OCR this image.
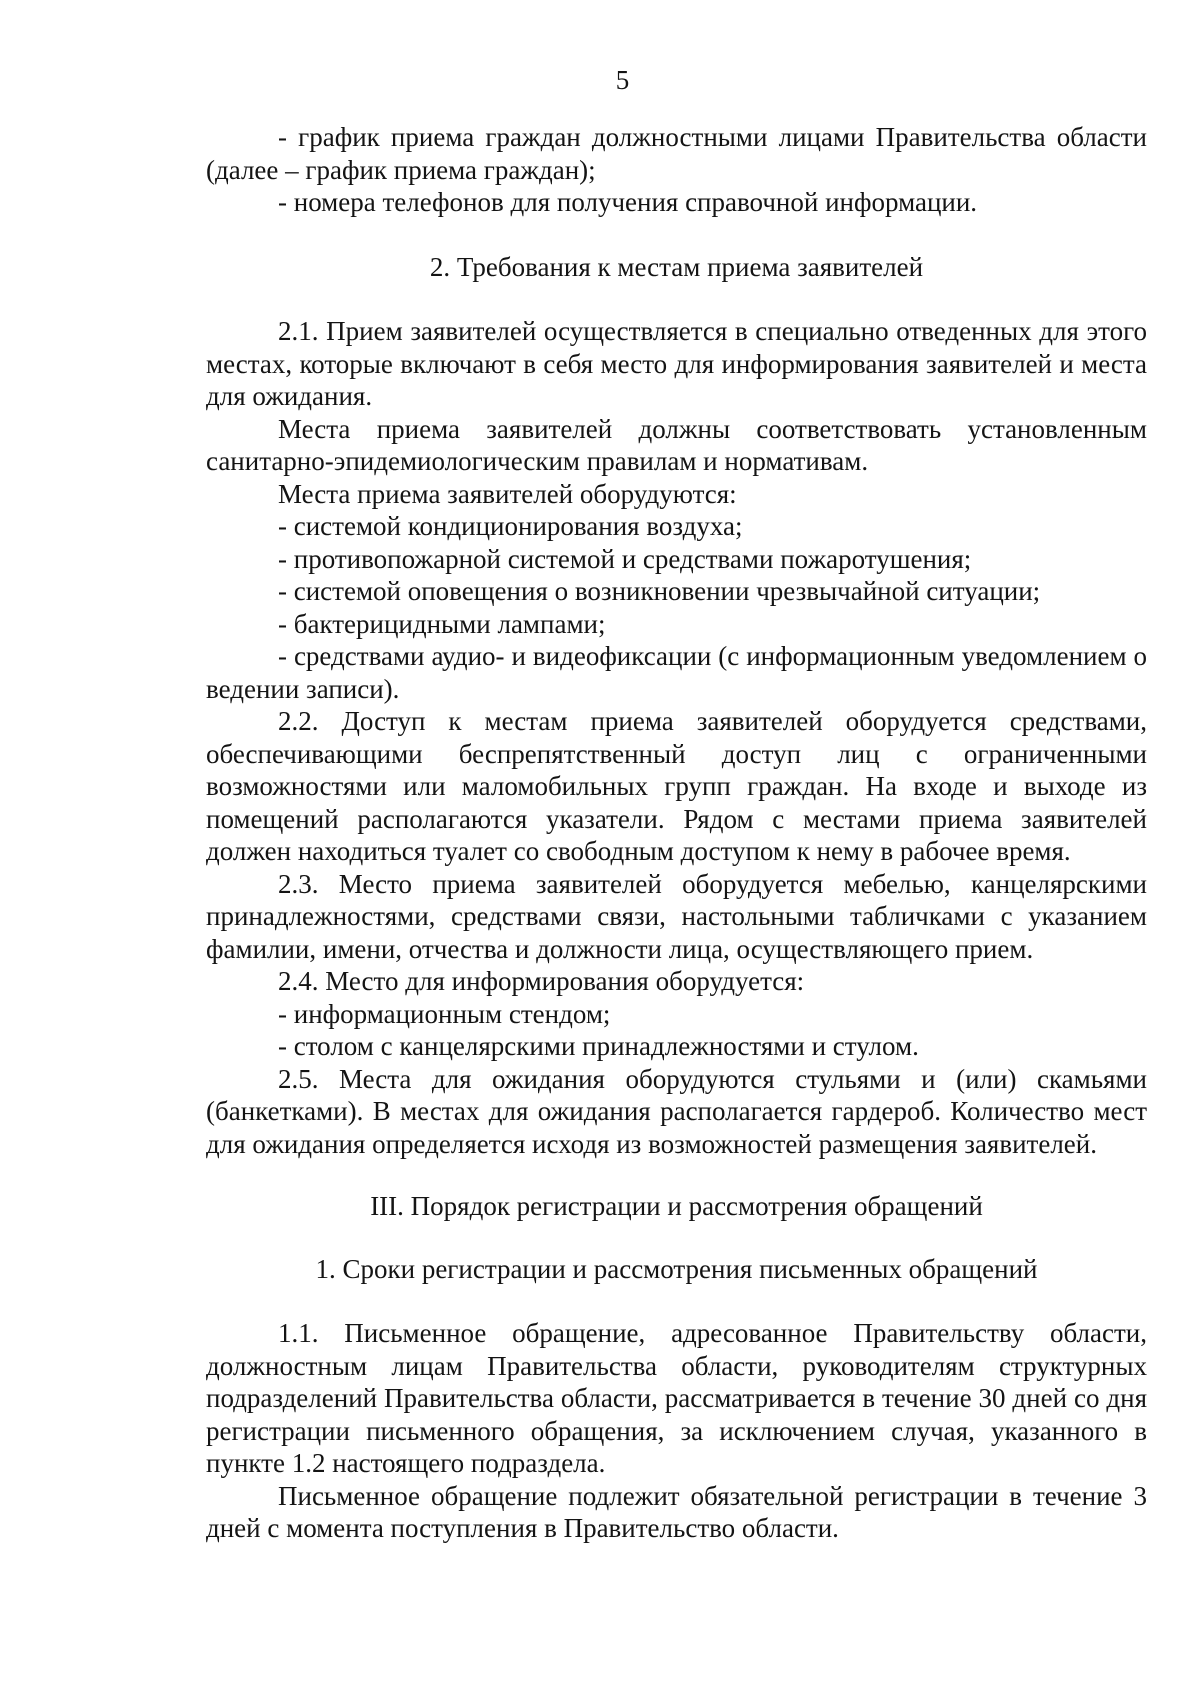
5

- график приема граждан должностными лицами Правительства области (далее – график приема граждан);

- номера телефонов для получения справочной информации.

2. Требования к местам приема заявителей

2.1. Прием заявителей осуществляется в специально отведенных для этого местах, которые включают в себя место для информирования заявителей и места для ожидания.

Места приема заявителей должны соответствовать установленным санитарно-эпидемиологическим правилам и нормативам.

Места приема заявителей оборудуются:

- системой кондиционирования воздуха;

- противопожарной системой и средствами пожаротушения;

- системой оповещения о возникновении чрезвычайной ситуации;

- бактерицидными лампами;

- средствами аудио- и видеофиксации (с информационным уведомлением о ведении записи).

2.2. Доступ к местам приема заявителей оборудуется средствами, обеспечивающими беспрепятственный доступ лиц с ограниченными возможностями или маломобильных групп граждан. На входе и выходе из помещений располагаются указатели. Рядом с местами приема заявителей должен находиться туалет со свободным доступом к нему в рабочее время.

2.3. Место приема заявителей оборудуется мебелью, канцелярскими принадлежностями, средствами связи, настольными табличками с указанием фамилии, имени, отчества и должности лица, осуществляющего прием.

2.4. Место для информирования оборудуется:

- информационным стендом;

- столом с канцелярскими принадлежностями и стулом.

2.5. Места для ожидания оборудуются стульями и (или) скамьями (банкетками). В местах для ожидания располагается гардероб. Количество мест для ожидания определяется исходя из возможностей размещения заявителей.

III. Порядок регистрации и рассмотрения обращений

1. Сроки регистрации и рассмотрения письменных обращений

1.1. Письменное обращение, адресованное Правительству области, должностным лицам Правительства области, руководителям структурных подразделений Правительства области, рассматривается в течение 30 дней со дня регистрации письменного обращения, за исключением случая, указанного в пункте 1.2 настоящего подраздела.

Письменное обращение подлежит обязательной регистрации в течение 3 дней с момента поступления в Правительство области.
